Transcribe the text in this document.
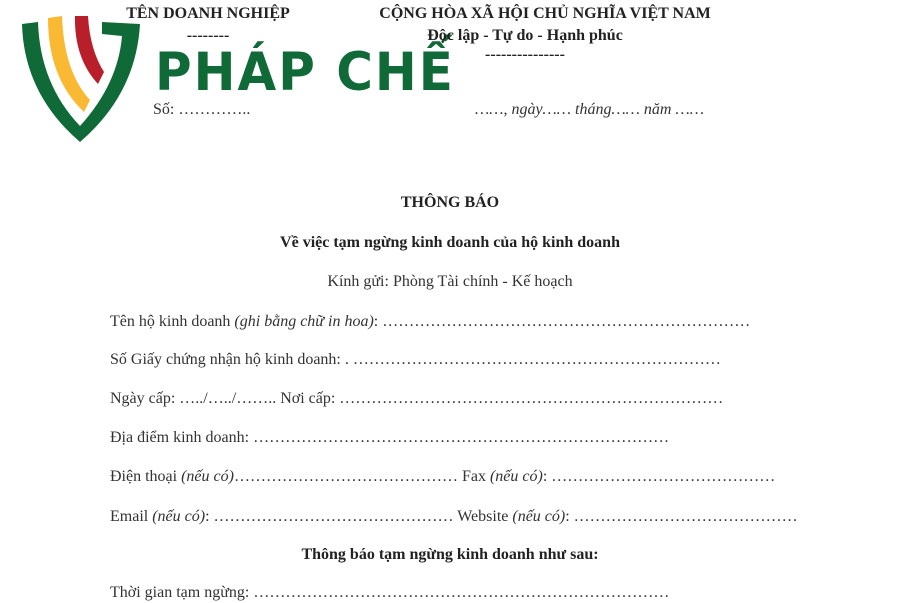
PHÁP CHẾ
TÊN DOANH NGHIỆP
--------
CỘNG HÒA XÃ HỘI CHỦ NGHĨA VIỆT NAM
Độc lập - Tự do - Hạnh phúc
---------------
Số: …………..	……, ngày…… tháng…… năm ……
THÔNG BÁO
Về việc tạm ngừng kinh doanh của hộ kinh doanh
Kính gửi: Phòng Tài chính - Kế hoạch
Tên hộ kinh doanh (ghi bằng chữ in hoa): ……………………………………………………………
Số Giấy chứng nhận hộ kinh doanh: . ……………………………………………………………
Ngày cấp: …../…../…….. Nơi cấp: ………………………………………………………………
Địa điểm kinh doanh: ……………………………………………………………………
Điện thoại (nếu có)…………………………………… Fax (nếu có): ……………………………………
Email (nếu có): ……………………………………… Website (nếu có): ……………………………………
Thông báo tạm ngừng kinh doanh như sau:
Thời gian tạm ngừng: ……………………………………………………………………
